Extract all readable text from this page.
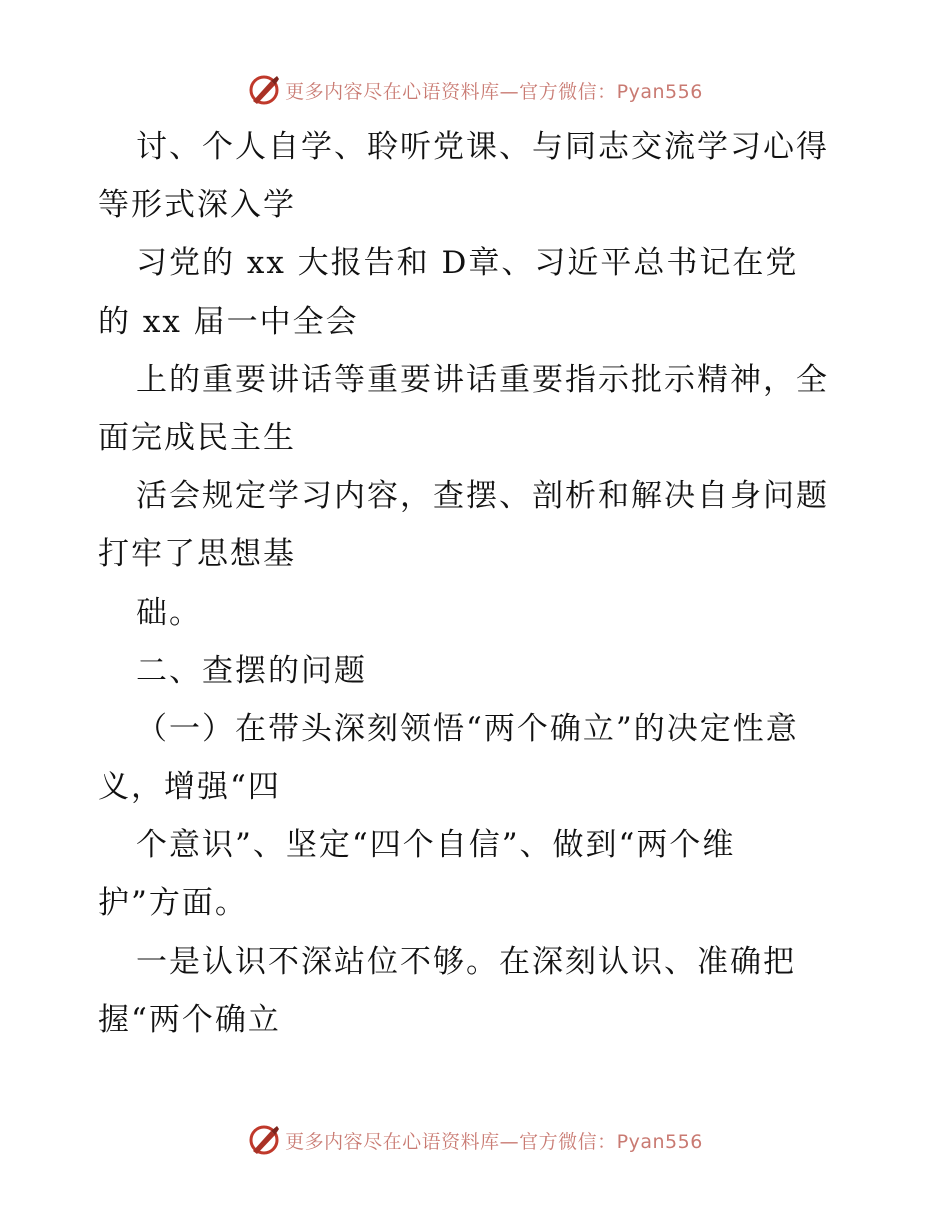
更多内容尽在心语资料库—官方微信：Pyan556
讨、个人自学、聆听党课、与同志交流学习心得
等形式深入学
习党的 xx 大报告和 D章、习近平总书记在党
的 xx 届一中全会
上的重要讲话等重要讲话重要指示批示精神，全
面完成民主生
活会规定学习内容，查摆、剖析和解决自身问题
打牢了思想基
础。
二、查摆的问题
（一）在带头深刻领悟“两个确立”的决定性意
义，增强“四
个意识”、坚定“四个自信”、做到“两个维
护”方面。
一是认识不深站位不够。在深刻认识、准确把
握“两个确立
更多内容尽在心语资料库—官方微信：Pyan556
